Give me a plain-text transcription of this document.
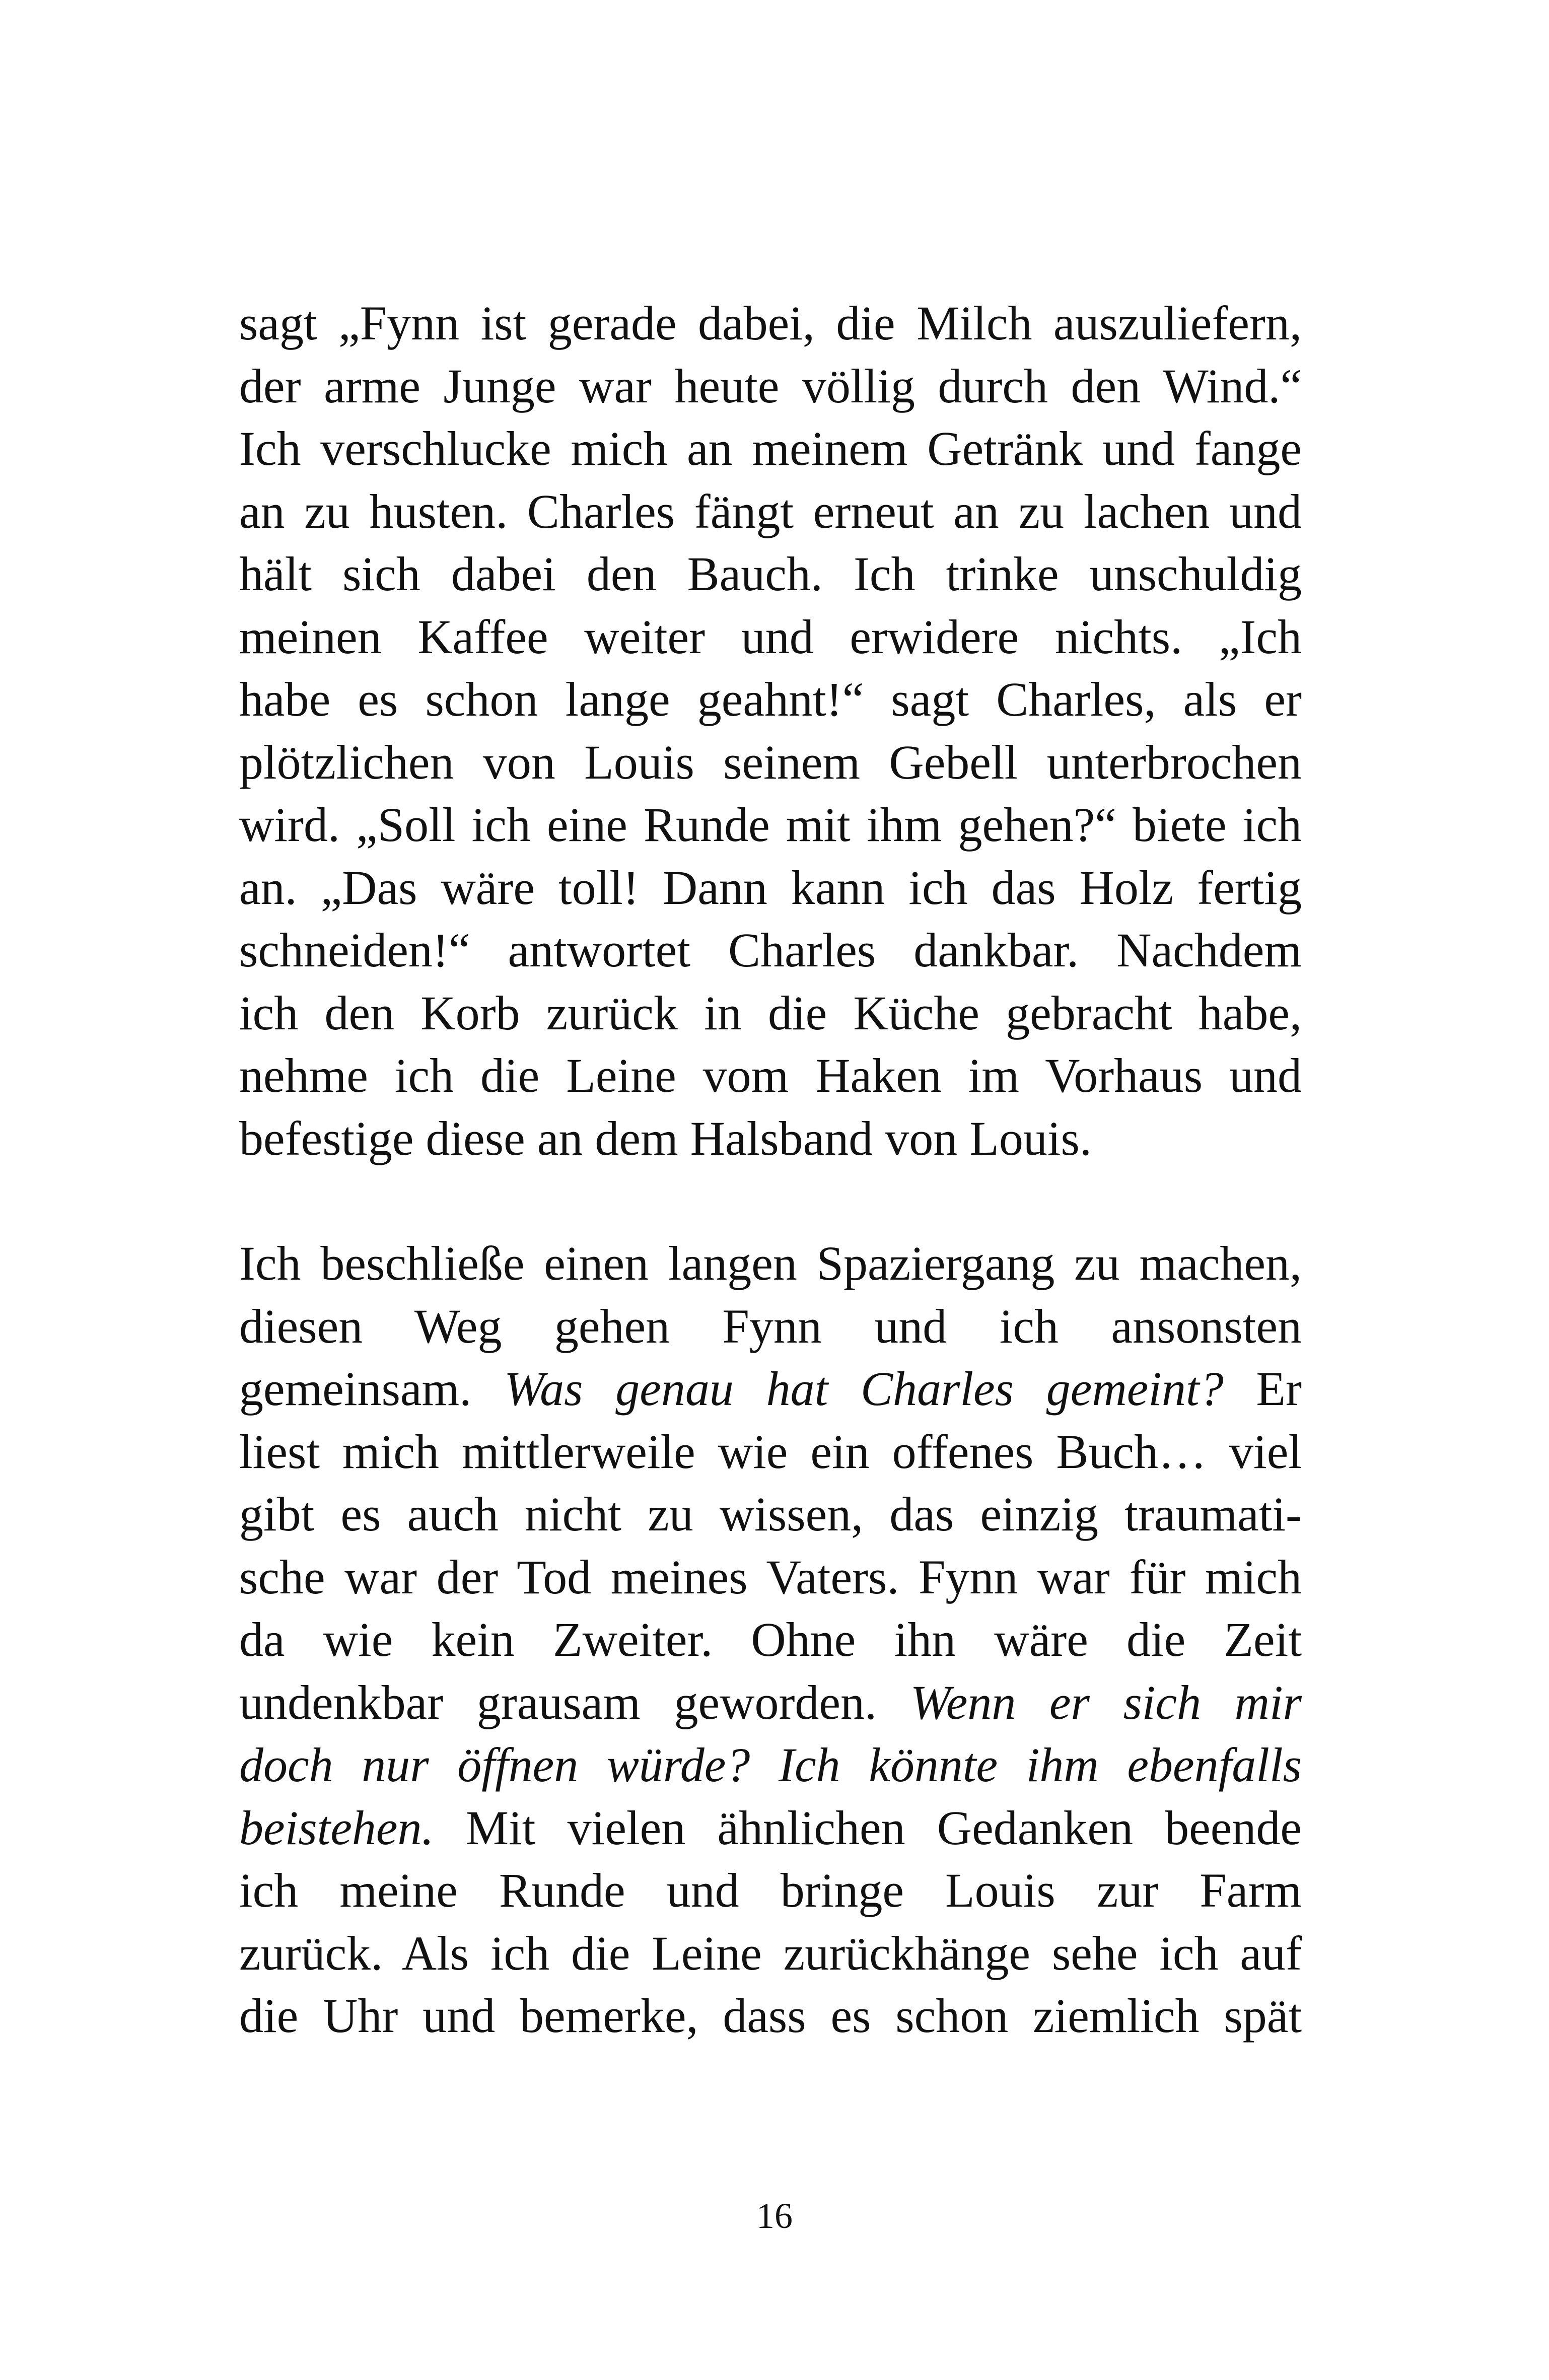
sagt „Fynn ist gerade dabei, die Milch auszuliefern,
der arme Junge war heute völlig durch den Wind.“
Ich verschlucke mich an meinem Getränk und fange
an zu husten. Charles fängt erneut an zu lachen und
hält sich dabei den Bauch. Ich trinke unschuldig
meinen Kaffee weiter und erwidere nichts. „Ich
habe es schon lange geahnt!“ sagt Charles, als er
plötzlichen von Louis seinem Gebell unterbrochen
wird. „Soll ich eine Runde mit ihm gehen?“ biete ich
an. „Das wäre toll! Dann kann ich das Holz fertig
schneiden!“ antwortet Charles dankbar. Nachdem
ich den Korb zurück in die Küche gebracht habe,
nehme ich die Leine vom Haken im Vorhaus und
befestige diese an dem Halsband von Louis.
Ich beschließe einen langen Spaziergang zu machen,
diesen Weg gehen Fynn und ich ansonsten
gemeinsam. Was genau hat Charles gemeint? Er
liest mich mittlerweile wie ein offenes Buch… viel
gibt es auch nicht zu wissen, das einzig traumati-
sche war der Tod meines Vaters. Fynn war für mich
da wie kein Zweiter. Ohne ihn wäre die Zeit
undenkbar grausam geworden. Wenn er sich mir
doch nur öffnen würde? Ich könnte ihm ebenfalls
beistehen. Mit vielen ähnlichen Gedanken beende
ich meine Runde und bringe Louis zur Farm
zurück. Als ich die Leine zurückhänge sehe ich auf
die Uhr und bemerke, dass es schon ziemlich spät
16
